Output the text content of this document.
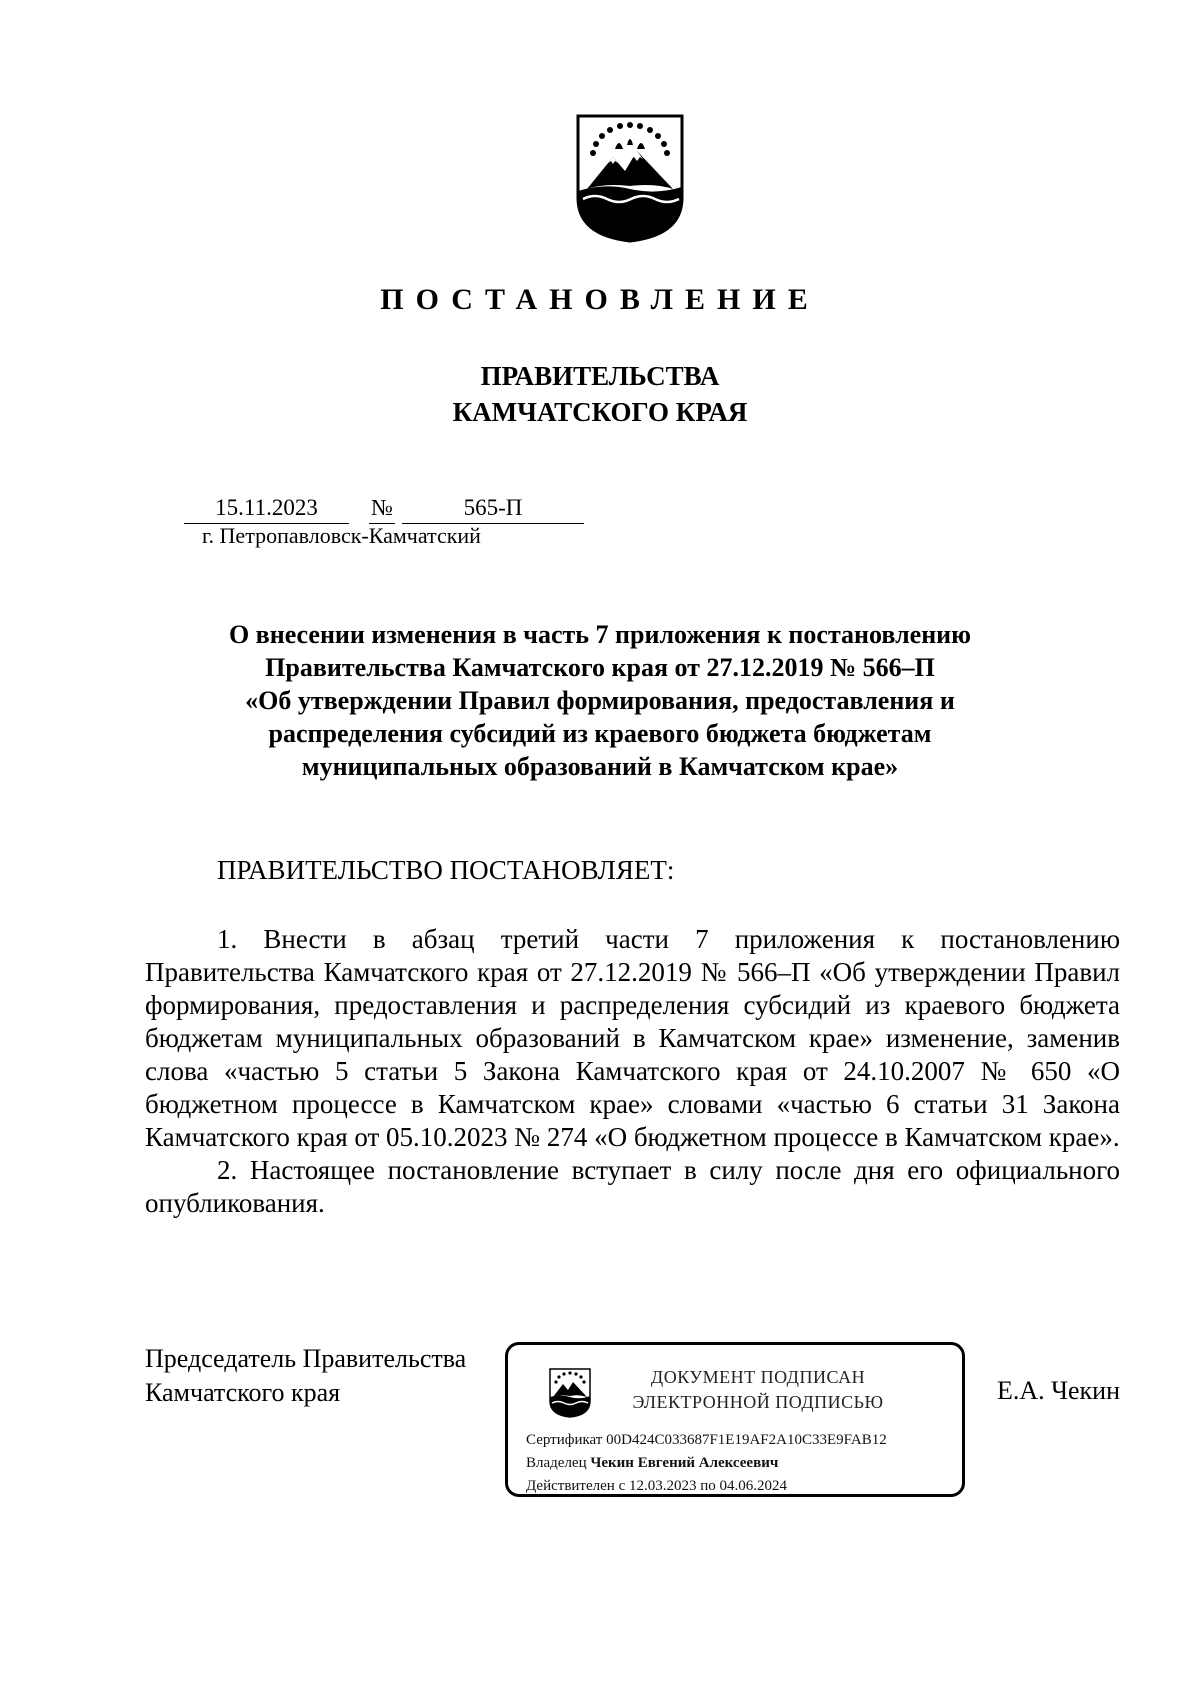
ПОСТАНОВЛЕНИЕ
ПРАВИТЕЛЬСТВА
КАМЧАТСКОГО КРАЯ
15.11.2023	№	565-П
г. Петропавловск-Камчатский
О внесении изменения в часть 7 приложения к постановлению
Правительства Камчатского края от 27.12.2019 № 566–П
«Об утверждении Правил формирования, предоставления и
распределения субсидий из краевого бюджета бюджетам
муниципальных образований в Камчатском крае»
ПРАВИТЕЛЬСТВО ПОСТАНОВЛЯЕТ:

1. Внести в абзац третий части 7 приложения к постановлению Правительства Камчатского края от 27.12.2019 № 566–П «Об утверждении Правил формирования, предоставления и распределения субсидий из краевого бюджета бюджетам муниципальных образований в Камчатском крае» изменение, заменив слова «частью 5 статьи 5 Закона Камчатского края от 24.10.2007 № 650 «О бюджетном процессе в Камчатском крае» словами «частью 6 статьи 31 Закона Камчатского края от 05.10.2023 № 274 «О бюджетном процессе в Камчатском крае».

2. Настоящее постановление вступает в силу после дня его официального опубликования.

Председатель Правительства
Камчатского края
ДОКУМЕНТ ПОДПИСАН
ЭЛЕКТРОННОЙ ПОДПИСЬЮ
Сертификат 00D424C033687F1E19AF2A10C33E9FAB12
Владелец Чекин Евгений Алексеевич
Действителен с 12.03.2023 по 04.06.2024
Е.А. Чекин
